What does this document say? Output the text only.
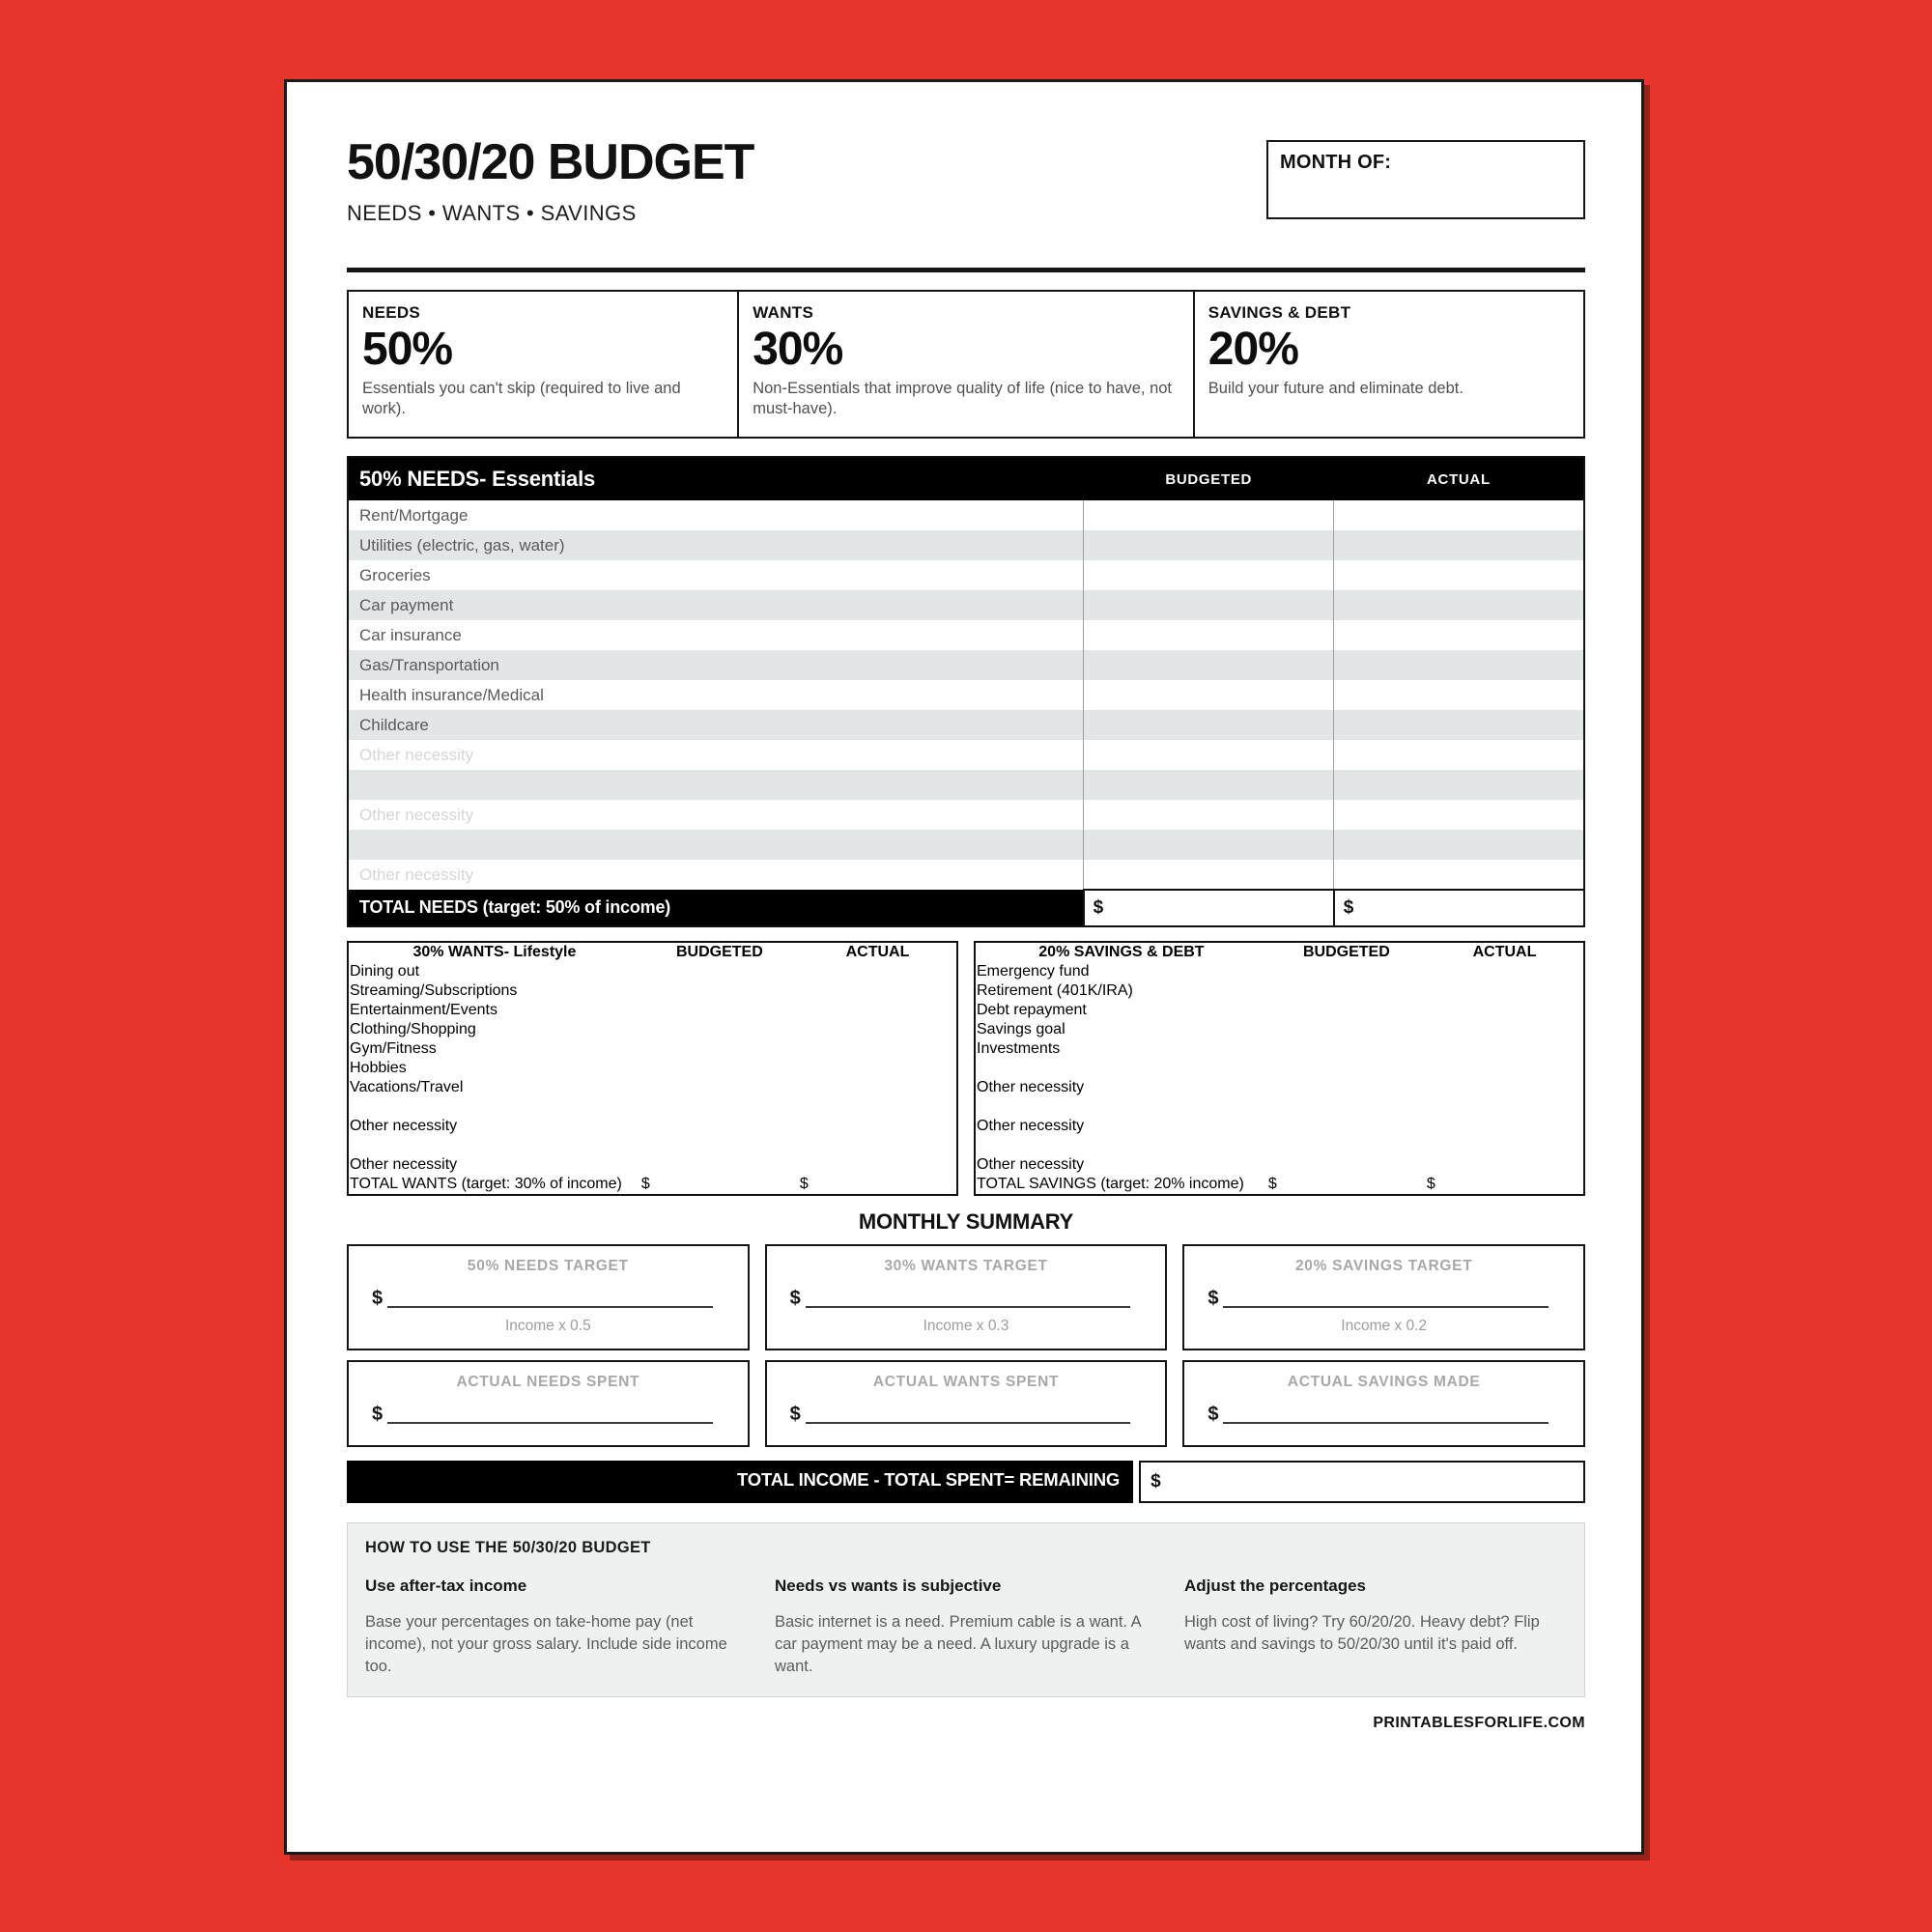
50/30/20 BUDGET
NEEDS • WANTS • SAVINGS
MONTH OF:
NEEDS
50%
Essentials you can't skip (required to live and work).
WANTS
30%
Non-Essentials that improve quality of life (nice to have, not must-have).
SAVINGS & DEBT
20%
Build your future and eliminate debt.
50% NEEDS- Essentials	BUDGETED	ACTUAL
Rent/Mortgage		
Utilities (electric, gas, water)		
Groceries		
Car payment		
Car insurance		
Gas/Transportation		
Health insurance/Medical		
Childcare		
Other necessity		

Other necessity		

Other necessity		
TOTAL NEEDS (target: 50% of income)	$	$
30% WANTS- Lifestyle	BUDGETED	ACTUAL
Dining out		
Streaming/Subscriptions		
Entertainment/Events		
Clothing/Shopping		
Gym/Fitness		
Hobbies		
Vacations/Travel		

Other necessity		

Other necessity		
TOTAL WANTS (target: 30% of income)	$	$
20% SAVINGS & DEBT	BUDGETED	ACTUAL
Emergency fund		
Retirement (401K/IRA)		
Debt repayment		
Savings goal		
Investments		

Other necessity		

Other necessity		

Other necessity		
TOTAL SAVINGS (target: 20% income)	$	$
MONTHLY SUMMARY
50% NEEDS TARGET
$
Income x 0.5
30% WANTS TARGET
$
Income x 0.3
20% SAVINGS TARGET
$
Income x 0.2
ACTUAL NEEDS SPENT
$
ACTUAL WANTS SPENT
$
ACTUAL SAVINGS MADE
$
TOTAL INCOME - TOTAL SPENT= REMAINING	$
HOW TO USE THE 50/30/20 BUDGET
Use after-tax income
Base your percentages on take-home pay (net income), not your gross salary. Include side income too.
Needs vs wants is subjective
Basic internet is a need. Premium cable is a want. A car payment may be a need. A luxury upgrade is a want.
Adjust the percentages
High cost of living? Try 60/20/20. Heavy debt? Flip wants and savings to 50/20/30 until it's paid off.
PRINTABLESFORLIFE.COM
